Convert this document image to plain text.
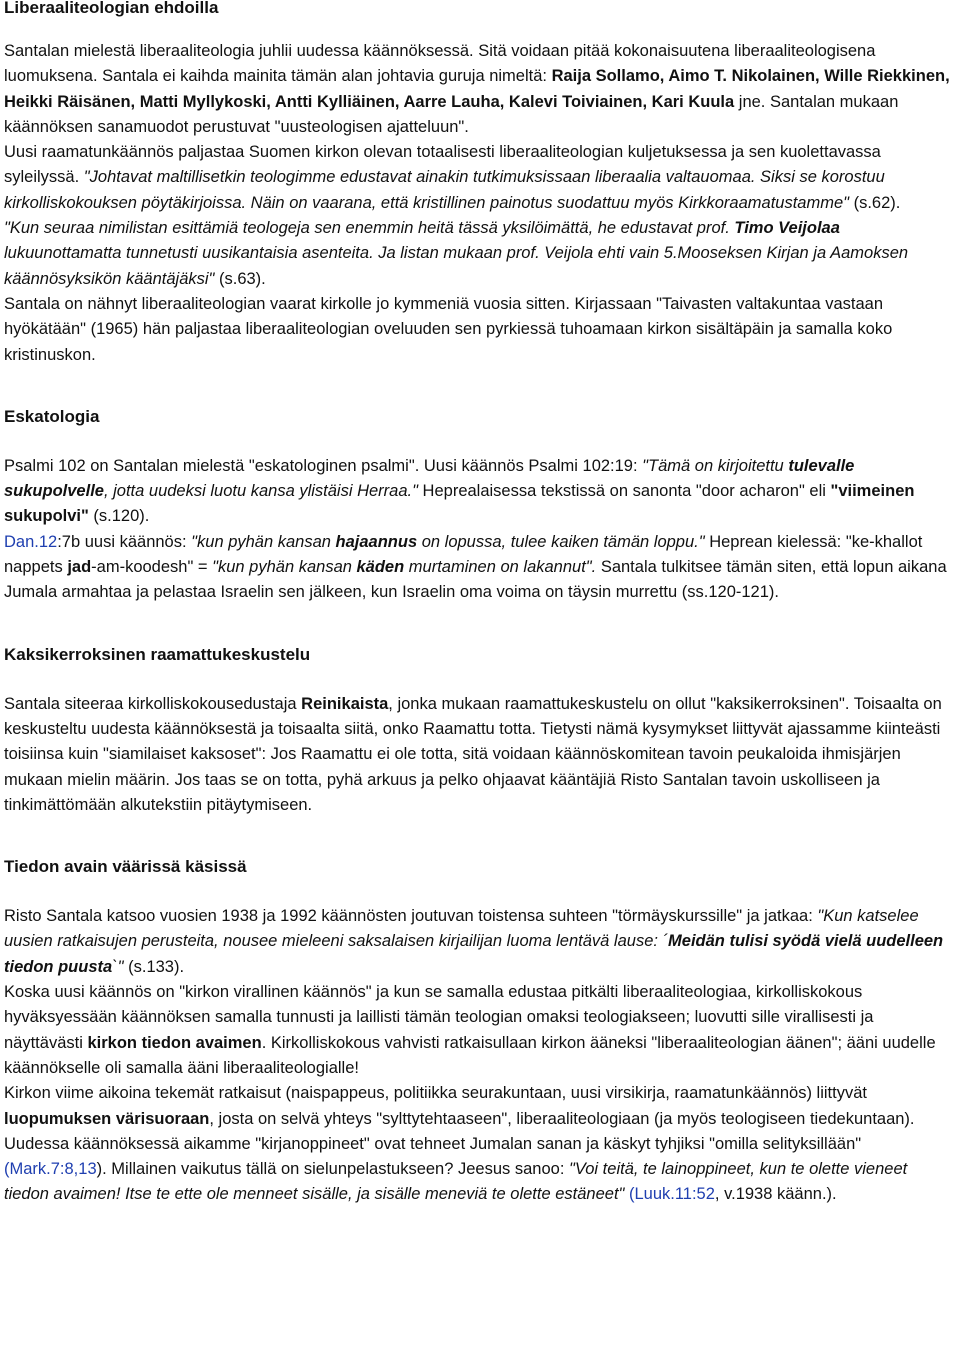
Liberaaliteologian ehdoilla

Santalan mielestä liberaaliteologia juhlii uudessa käännöksessä. Sitä voidaan pitää kokonaisuutena liberaaliteologisena luomuksena. Santala ei kaihda mainita tämän alan johtavia guruja nimeltä: Raija Sollamo, Aimo T. Nikolainen, Wille Riekkinen, Heikki Räisänen, Matti Myllykoski, Antti Kylliäinen, Aarre Lauha, Kalevi Toiviainen, Kari Kuula jne. Santalan mukaan käännöksen sanamuodot perustuvat "uusteologisen ajatteluun".

Uusi raamatunkäännös paljastaa Suomen kirkon olevan totaalisesti liberaaliteologian kuljetuksessa ja sen kuolettavassa syleilyssä. "Johtavat maltillisetkin teologimme edustavat ainakin tutkimuksissaan liberaalia valtauomaa. Siksi se korostuu kirkolliskokouksen pöytäkirjoissa. Näin on vaarana, että kristillinen painotus suodattuu myös Kirkkoraamatustamme" (s.62).

"Kun seuraa nimilistan esittämiä teologeja sen enemmin heitä tässä yksilöimättä, he edustavat prof. Timo Veijolaa lukuunottamatta tunnetusti uusikantaisia asenteita. Ja listan mukaan prof. Veijola ehti vain 5.Mooseksen Kirjan ja Aamoksen käännösyksikön kääntäjäksi" (s.63).

Santala on nähnyt liberaaliteologian vaarat kirkolle jo kymmeniä vuosia sitten. Kirjassaan "Taivasten valtakuntaa vastaan hyökätään" (1965) hän paljastaa liberaaliteologian oveluuden sen pyrkiessä tuhoamaan kirkon sisältäpäin ja samalla koko kristinuskon.

Eskatologia

Psalmi 102 on Santalan mielestä "eskatologinen psalmi". Uusi käännös Psalmi 102:19: "Tämä on kirjoitettu tulevalle sukupolvelle, jotta uudeksi luotu kansa ylistäisi Herraa." Heprealaisessa tekstissä on sanonta "door acharon" eli "viimeinen sukupolvi" (s.120).

Dan.12:7b uusi käännös: "kun pyhän kansan hajaannus on lopussa, tulee kaiken tämän loppu." Heprean kielessä: "ke-khallot nappets jad-am-koodesh" = "kun pyhän kansan käden murtaminen on lakannut". Santala tulkitsee tämän siten, että lopun aikana Jumala armahtaa ja pelastaa Israelin sen jälkeen, kun Israelin oma voima on täysin murrettu (ss.120-121).

Kaksikerroksinen raamattukeskustelu

Santala siteeraa kirkolliskokousedustaja Reinikaista, jonka mukaan raamattukeskustelu on ollut "kaksikerroksinen". Toisaalta on keskusteltu uudesta käännöksestä ja toisaalta siitä, onko Raamattu totta. Tietysti nämä kysymykset liittyvät ajassamme kiinteästi toisiinsa kuin "siamilaiset kaksoset": Jos Raamattu ei ole totta, sitä voidaan käännöskomitean tavoin peukaloida ihmisjärjen mukaan mielin määrin. Jos taas se on totta, pyhä arkuus ja pelko ohjaavat kääntäjiä Risto Santalan tavoin uskolliseen ja tinkimättömään alkutekstiin pitäytymiseen.

Tiedon avain väärissä käsissä

Risto Santala katsoo vuosien 1938 ja 1992 käännösten joutuvan toistensa suhteen "törmäyskurssille" ja jatkaa: "Kun katselee uusien ratkaisujen perusteita, nousee mieleeni saksalaisen kirjailijan luoma lentävä lause: ´Meidän tulisi syödä vielä uudelleen tiedon puusta`" (s.133).

Koska uusi käännös on "kirkon virallinen käännös" ja kun se samalla edustaa pitkälti liberaaliteologiaa, kirkolliskokous hyväksyessään käännöksen samalla tunnusti ja laillisti tämän teologian omaksi teologiakseen; luovutti sille virallisesti ja näyttävästi kirkon tiedon avaimen. Kirkolliskokous vahvisti ratkaisullaan kirkon ääneksi "liberaaliteologian äänen"; ääni uudelle käännökselle oli samalla ääni liberaaliteologialle!

Kirkon viime aikoina tekemät ratkaisut (naispappeus, politiikka seurakuntaan, uusi virsikirja, raamatunkäännös) liittyvät luopumuksen värisuoraan, josta on selvä yhteys "sylttytehtaaseen", liberaaliteologiaan (ja myös teologiseen tiedekuntaan). Uudessa käännöksessä aikamme "kirjanoppineet" ovat tehneet Jumalan sanan ja käskyt tyhjiksi "omilla selityksillään" (Mark.7:8,13). Millainen vaikutus tällä on sielunpelastukseen? Jeesus sanoo: "Voi teitä, te lainoppineet, kun te olette vieneet tiedon avaimen! Itse te ette ole menneet sisälle, ja sisälle meneviä te olette estäneet" (Luuk.11:52, v.1938 käänn.).
